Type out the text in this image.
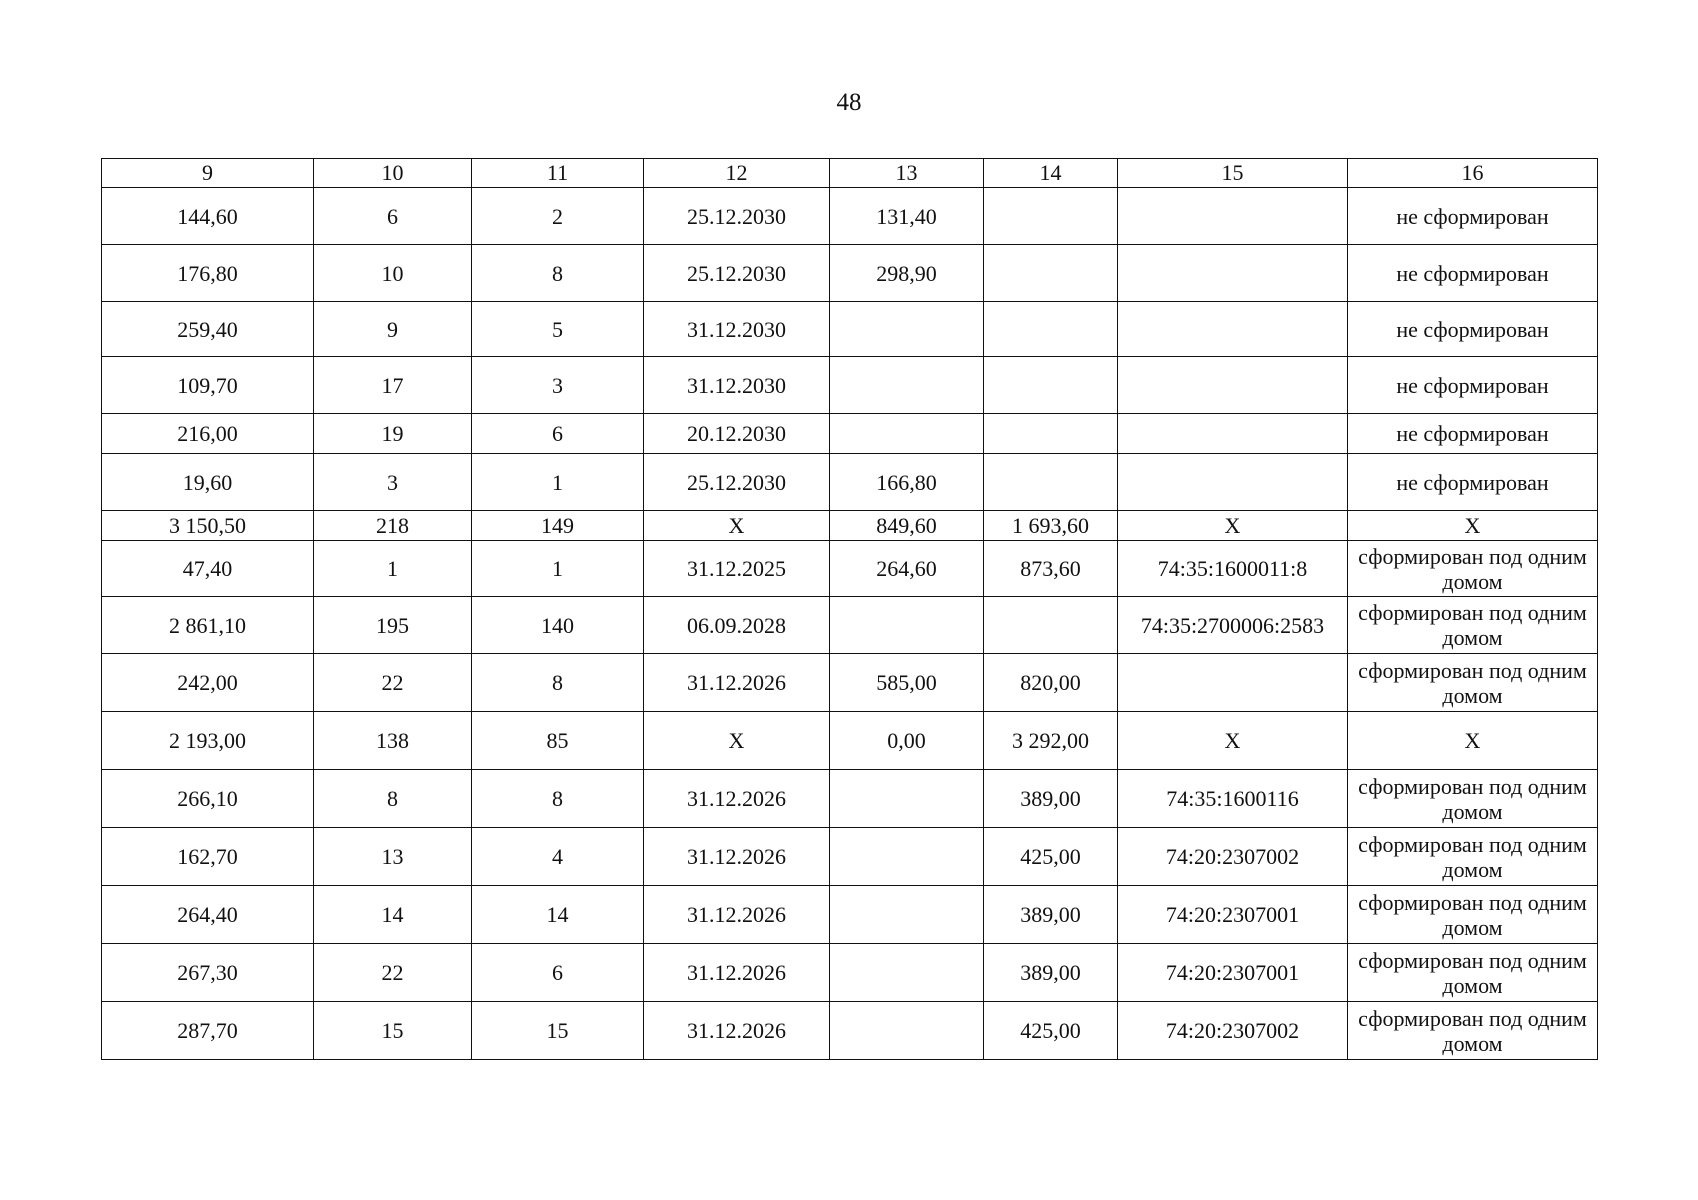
48
9	10	11	12	13	14	15	16
144,60	6	2	25.12.2030	131,40			не сформирован
176,80	10	8	25.12.2030	298,90			не сформирован
259,40	9	5	31.12.2030				не сформирован
109,70	17	3	31.12.2030				не сформирован
216,00	19	6	20.12.2030				не сформирован
19,60	3	1	25.12.2030	166,80			не сформирован
3 150,50	218	149	X	849,60	1 693,60	X	X
47,40	1	1	31.12.2025	264,60	873,60	74:35:1600011:8	сформирован под одним домом
2 861,10	195	140	06.09.2028			74:35:2700006:2583	сформирован под одним домом
242,00	22	8	31.12.2026	585,00	820,00		сформирован под одним домом
2 193,00	138	85	X	0,00	3 292,00	X	X
266,10	8	8	31.12.2026		389,00	74:35:1600116	сформирован под одним домом
162,70	13	4	31.12.2026		425,00	74:20:2307002	сформирован под одним домом
264,40	14	14	31.12.2026		389,00	74:20:2307001	сформирован под одним домом
267,30	22	6	31.12.2026		389,00	74:20:2307001	сформирован под одним домом
287,70	15	15	31.12.2026		425,00	74:20:2307002	сформирован под одним домом
